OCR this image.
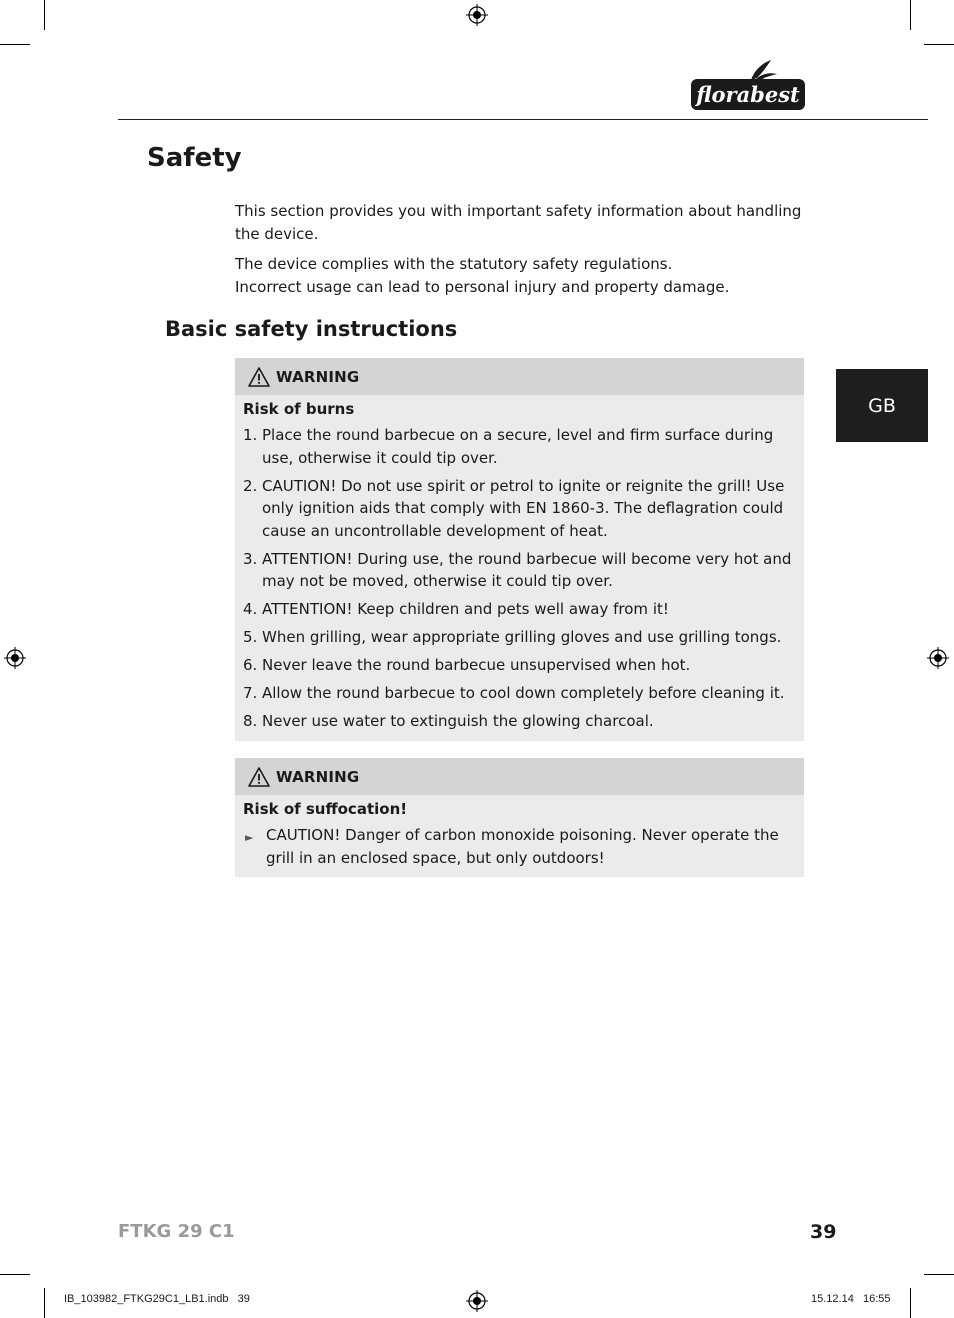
florabest
Safety

This section provides you with important safety information about handling the device.

The device complies with the statutory safety regulations.

Incorrect usage can lead to personal injury and property damage.

Basic safety instructions
WARNING
Risk of burns
1. Place the round barbecue on a secure, level and firm surface during use, otherwise it could tip over.
2. CAUTION! Do not use spirit or petrol to ignite or reignite the grill! Use only ignition aids that comply with EN 1860-3. The deflagration could cause an uncontrollable development of heat.
3. ATTENTION! During use, the round barbecue will become very hot and may not be moved, otherwise it could tip over.
4. ATTENTION! Keep children and pets well away from it!
5. When grilling, wear appropriate grilling gloves and use grilling tongs.
6. Never leave the round barbecue unsupervised when hot.
7. Allow the round barbecue to cool down completely before cleaning it.
8. Never use water to extinguish the glowing charcoal.
WARNING
Risk of suffocation!
► CAUTION! Danger of carbon monoxide poisoning. Never operate the grill in an enclosed space, but only outdoors!
GB
FTKG 29 C1	39
IB_103982_FTKG29C1_LB1.indb   39	15.12.14   16:55
